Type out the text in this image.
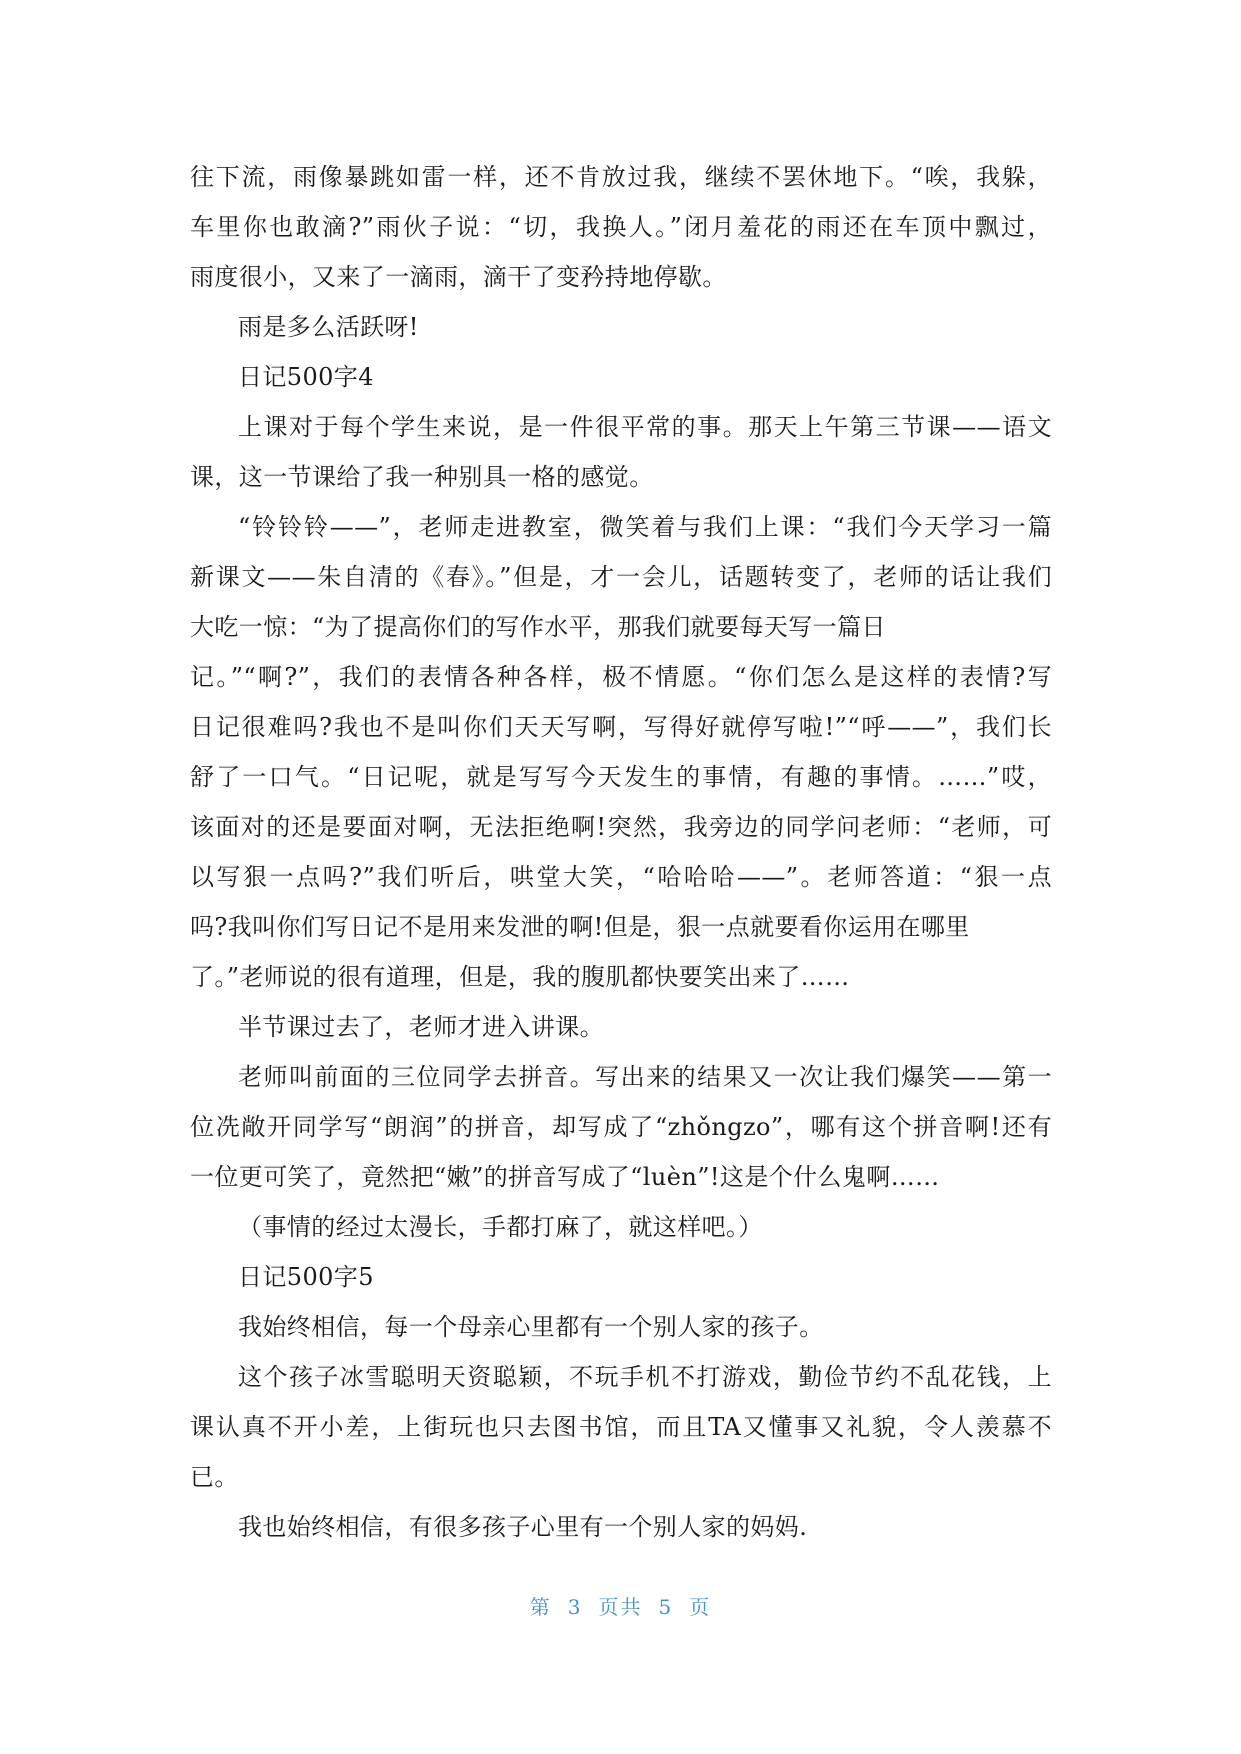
往下流，雨像暴跳如雷一样，还不肯放过我，继续不罢休地下。“唉，我躲，
车里你也敢滴?”雨伙子说：“切，我换人。”闭月羞花的雨还在车顶中飘过，
雨度很小，又来了一滴雨，滴干了变矜持地停歇。
雨是多么活跃呀!
日记500字4
上课对于每个学生来说，是一件很平常的事。那天上午第三节课——语文
课，这一节课给了我一种别具一格的感觉。
“铃铃铃——”，老师走进教室，微笑着与我们上课：“我们今天学习一篇
新课文——朱自清的《春》。”但是，才一会儿，话题转变了，老师的话让我们
大吃一惊：“为了提高你们的写作水平，那我们就要每天写一篇日
记。”“啊?”，我们的表情各种各样，极不情愿。“你们怎么是这样的表情?写
日记很难吗?我也不是叫你们天天写啊，写得好就停写啦!”“呼——”，我们长
舒了一口气。“日记呢，就是写写今天发生的事情，有趣的事情。……”哎，
该面对的还是要面对啊，无法拒绝啊!突然，我旁边的同学问老师：“老师，可
以写狠一点吗?”我们听后，哄堂大笑，“哈哈哈——”。老师答道：“狠一点
吗?我叫你们写日记不是用来发泄的啊!但是，狠一点就要看你运用在哪里
了。”老师说的很有道理，但是，我的腹肌都快要笑出来了……
半节课过去了，老师才进入讲课。
老师叫前面的三位同学去拼音。写出来的结果又一次让我们爆笑——第一
位冼敞开同学写“朗润”的拼音，却写成了“zhǒngzo”，哪有这个拼音啊!还有
一位更可笑了，竟然把“嫩”的拼音写成了“luèn”!这是个什么鬼啊……
（事情的经过太漫长，手都打麻了，就这样吧。）
日记500字5
我始终相信，每一个母亲心里都有一个别人家的孩子。
这个孩子冰雪聪明天资聪颖，不玩手机不打游戏，勤俭节约不乱花钱，上
课认真不开小差，上街玩也只去图书馆，而且TA又懂事又礼貌，令人羡慕不
已。
我也始终相信，有很多孩子心里有一个别人家的妈妈.
第 3 页共 5 页
